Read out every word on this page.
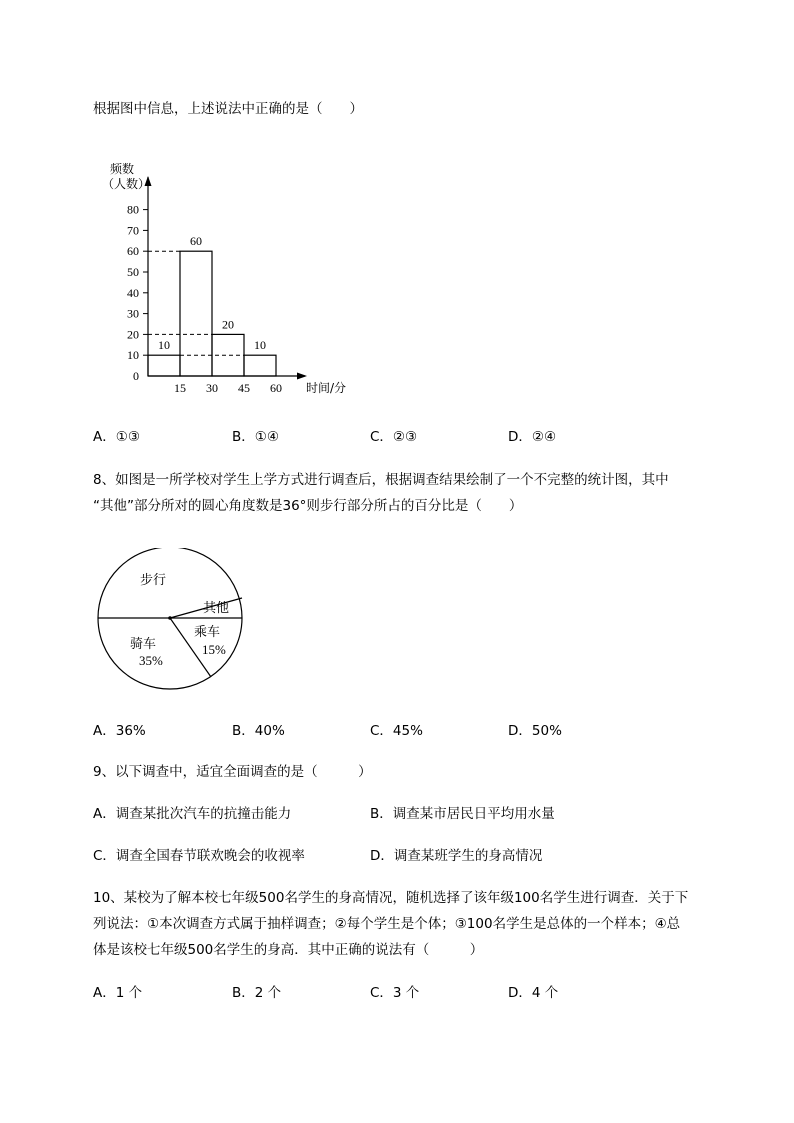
根据图中信息，上述说法中正确的是（　　）
频数
（人数）
0
10
20
30
40
50
60
70
80
10
60
20
10
15 30 45 60 时间/分
A．①③	B．①④	C．②③	D．②④
8、如图是一所学校对学生上学方式进行调查后，根据调查结果绘制了一个不完整的统计图，其中
“其他”部分所对的圆心角度数是36°则步行部分所占的百分比是（　　）
步行
其他
乘车
15%
骑车
35%
A．36%	B．40%	C．45%	D．50%
9、以下调查中，适宜全面调查的是（　　　）
A．调查某批次汽车的抗撞击能力	B．调查某市居民日平均用水量
C．调查全国春节联欢晚会的收视率	D．调查某班学生的身高情况
10、某校为了解本校七年级500名学生的身高情况，随机选择了该年级100名学生进行调查．关于下
列说法：①本次调查方式属于抽样调查；②每个学生是个体；③100名学生是总体的一个样本；④总
体是该校七年级500名学生的身高．其中正确的说法有（　　　）
A．1 个	B．2 个	C．3 个	D．4 个
